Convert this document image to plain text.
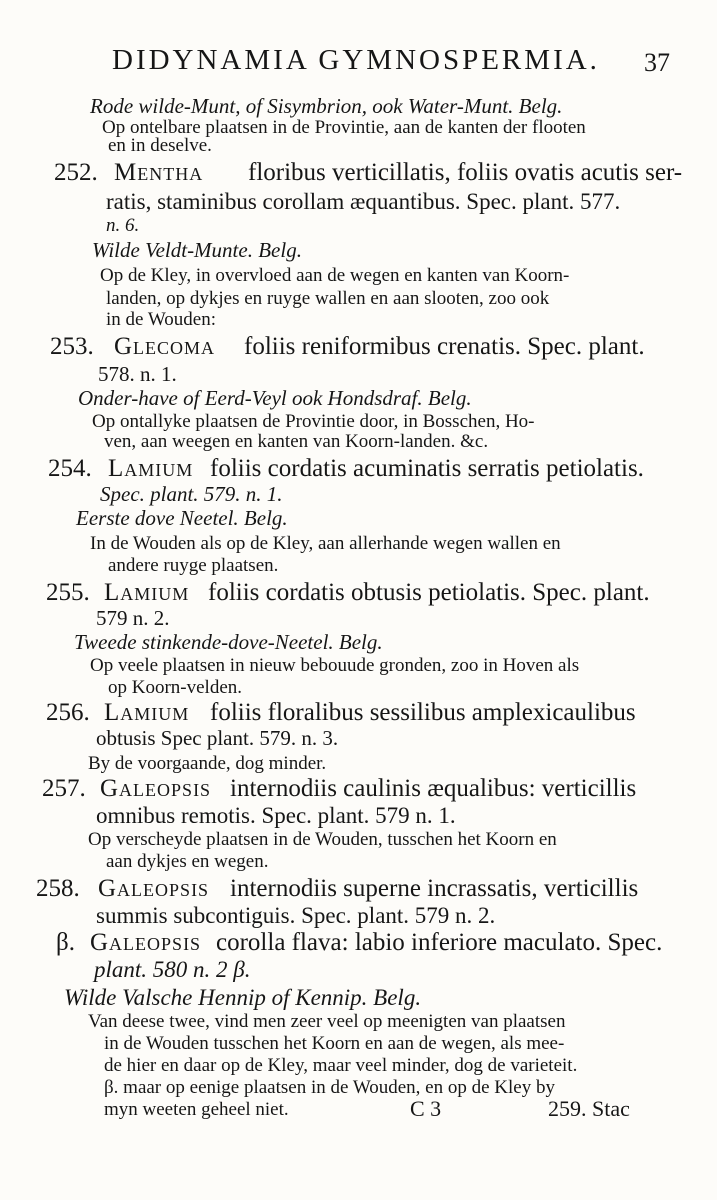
DIDYNAMIA GYMNOSPERMIA. 37
Rode wilde-Munt, of Sisymbrion, ook Water-Munt. Belg.
Op ontelbare plaatsen in de Provintie, aan de kanten der flooten
en in deselve.
252. Mentha floribus verticillatis, foliis ovatis acutis ser-
ratis, staminibus corollam æquantibus. Spec. plant. 577.
n. 6.
Wilde Veldt-Munte. Belg.
Op de Kley, in overvloed aan de wegen en kanten van Koorn-
landen, op dykjes en ruyge wallen en aan slooten, zoo ook
in de Wouden:
253. Glecoma foliis reniformibus crenatis. Spec. plant.
578. n. 1.
Onder-have of Eerd-Veyl ook Hondsdraf. Belg.
Op ontallyke plaatsen de Provintie door, in Bosschen, Ho-
ven, aan weegen en kanten van Koorn-landen. &c.
254. Lamium foliis cordatis acuminatis serratis petiolatis.
Spec. plant. 579. n. 1.
Eerste dove Neetel. Belg.
In de Wouden als op de Kley, aan allerhande wegen wallen en
andere ruyge plaatsen.
255. Lamium foliis cordatis obtusis petiolatis. Spec. plant.
579 n. 2.
Tweede stinkende-dove-Neetel. Belg.
Op veele plaatsen in nieuw bebouude gronden, zoo in Hoven als
op Koorn-velden.
256. Lamium foliis floralibus sessilibus amplexicaulibus
obtusis Spec plant. 579. n. 3.
By de voorgaande, dog minder.
257. Galeopsis internodiis caulinis æqualibus: verticillis
omnibus remotis. Spec. plant. 579 n. 1.
Op verscheyde plaatsen in de Wouden, tusschen het Koorn en
aan dykjes en wegen.
258. Galeopsis internodiis superne incrassatis, verticillis
summis subcontiguis. Spec. plant. 579 n. 2.
β. Galeopsis corolla flava: labio inferiore maculato. Spec.
plant. 580 n. 2 β.
Wilde Valsche Hennip of Kennip. Belg.
Van deese twee, vind men zeer veel op meenigten van plaatsen
in de Wouden tusschen het Koorn en aan de wegen, als mee-
de hier en daar op de Kley, maar veel minder, dog de varieteit.
β. maar op eenige plaatsen in de Wouden, en op de Kley by
myn weeten geheel niet.	C 3	259. Stac
